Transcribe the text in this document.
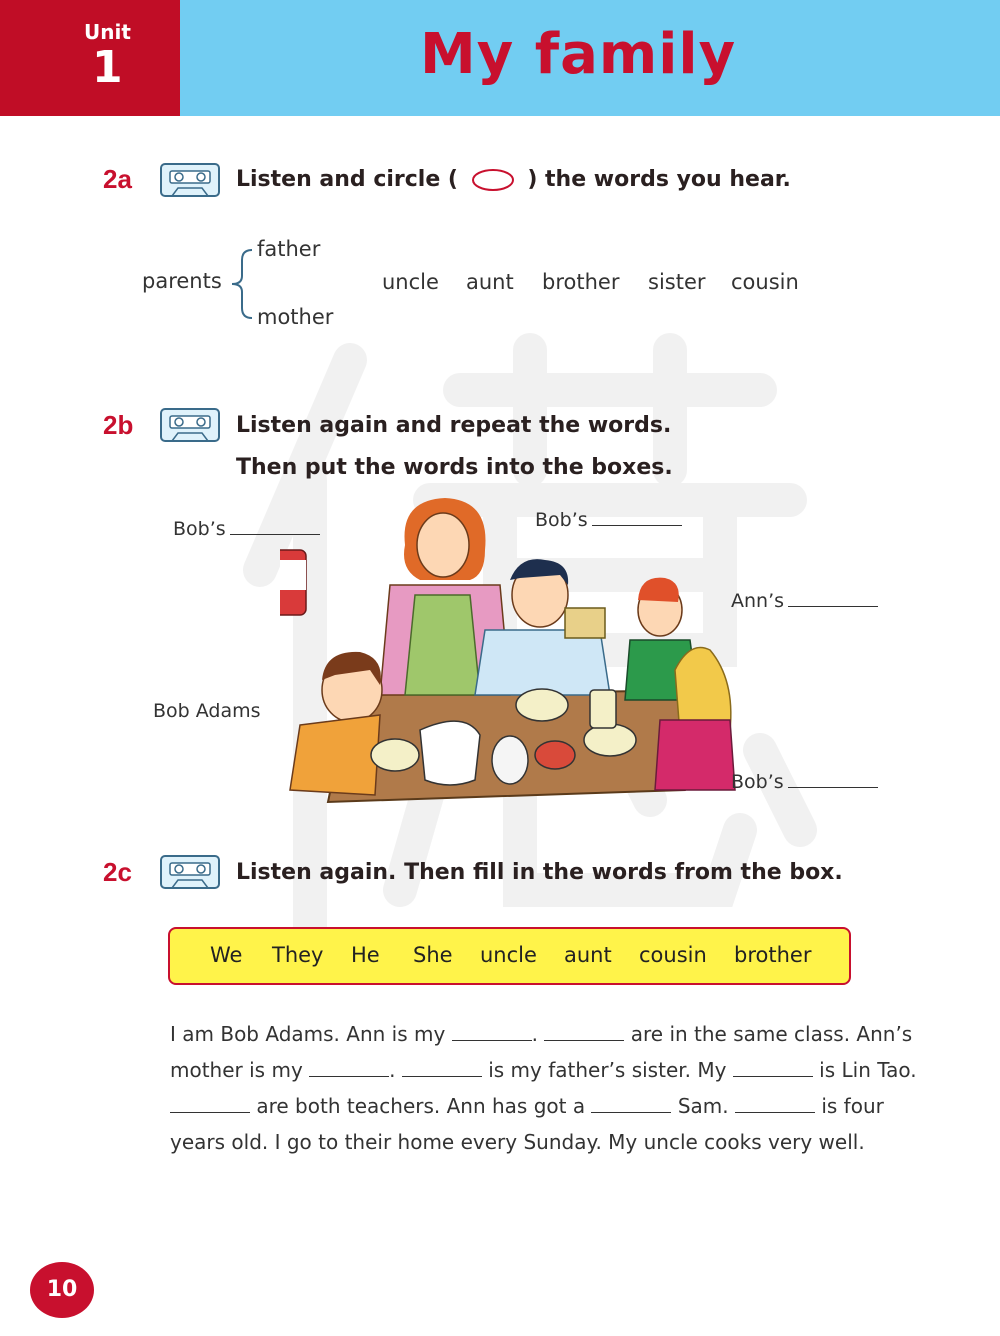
Unit
1	My family
2a	Listen and circle ( ○ ) the words you hear.
parents
father
mother
uncle aunt brother sister cousin
2b	Listen again and repeat the words.
Then put the words into the boxes.
Bob’s	Bob’s
Ann’s
Bob’s
Bob Adams
2c	Listen again. Then fill in the words from the box.
We They He She uncle aunt cousin brother
I am Bob Adams. Ann is my	.	are in the same class. Ann’s
mother is my	.	is my father’s sister. My	is Lin Tao.
are both teachers. Ann has got a	Sam.	is four
years old. I go to their home every Sunday. My uncle cooks very well.
10
